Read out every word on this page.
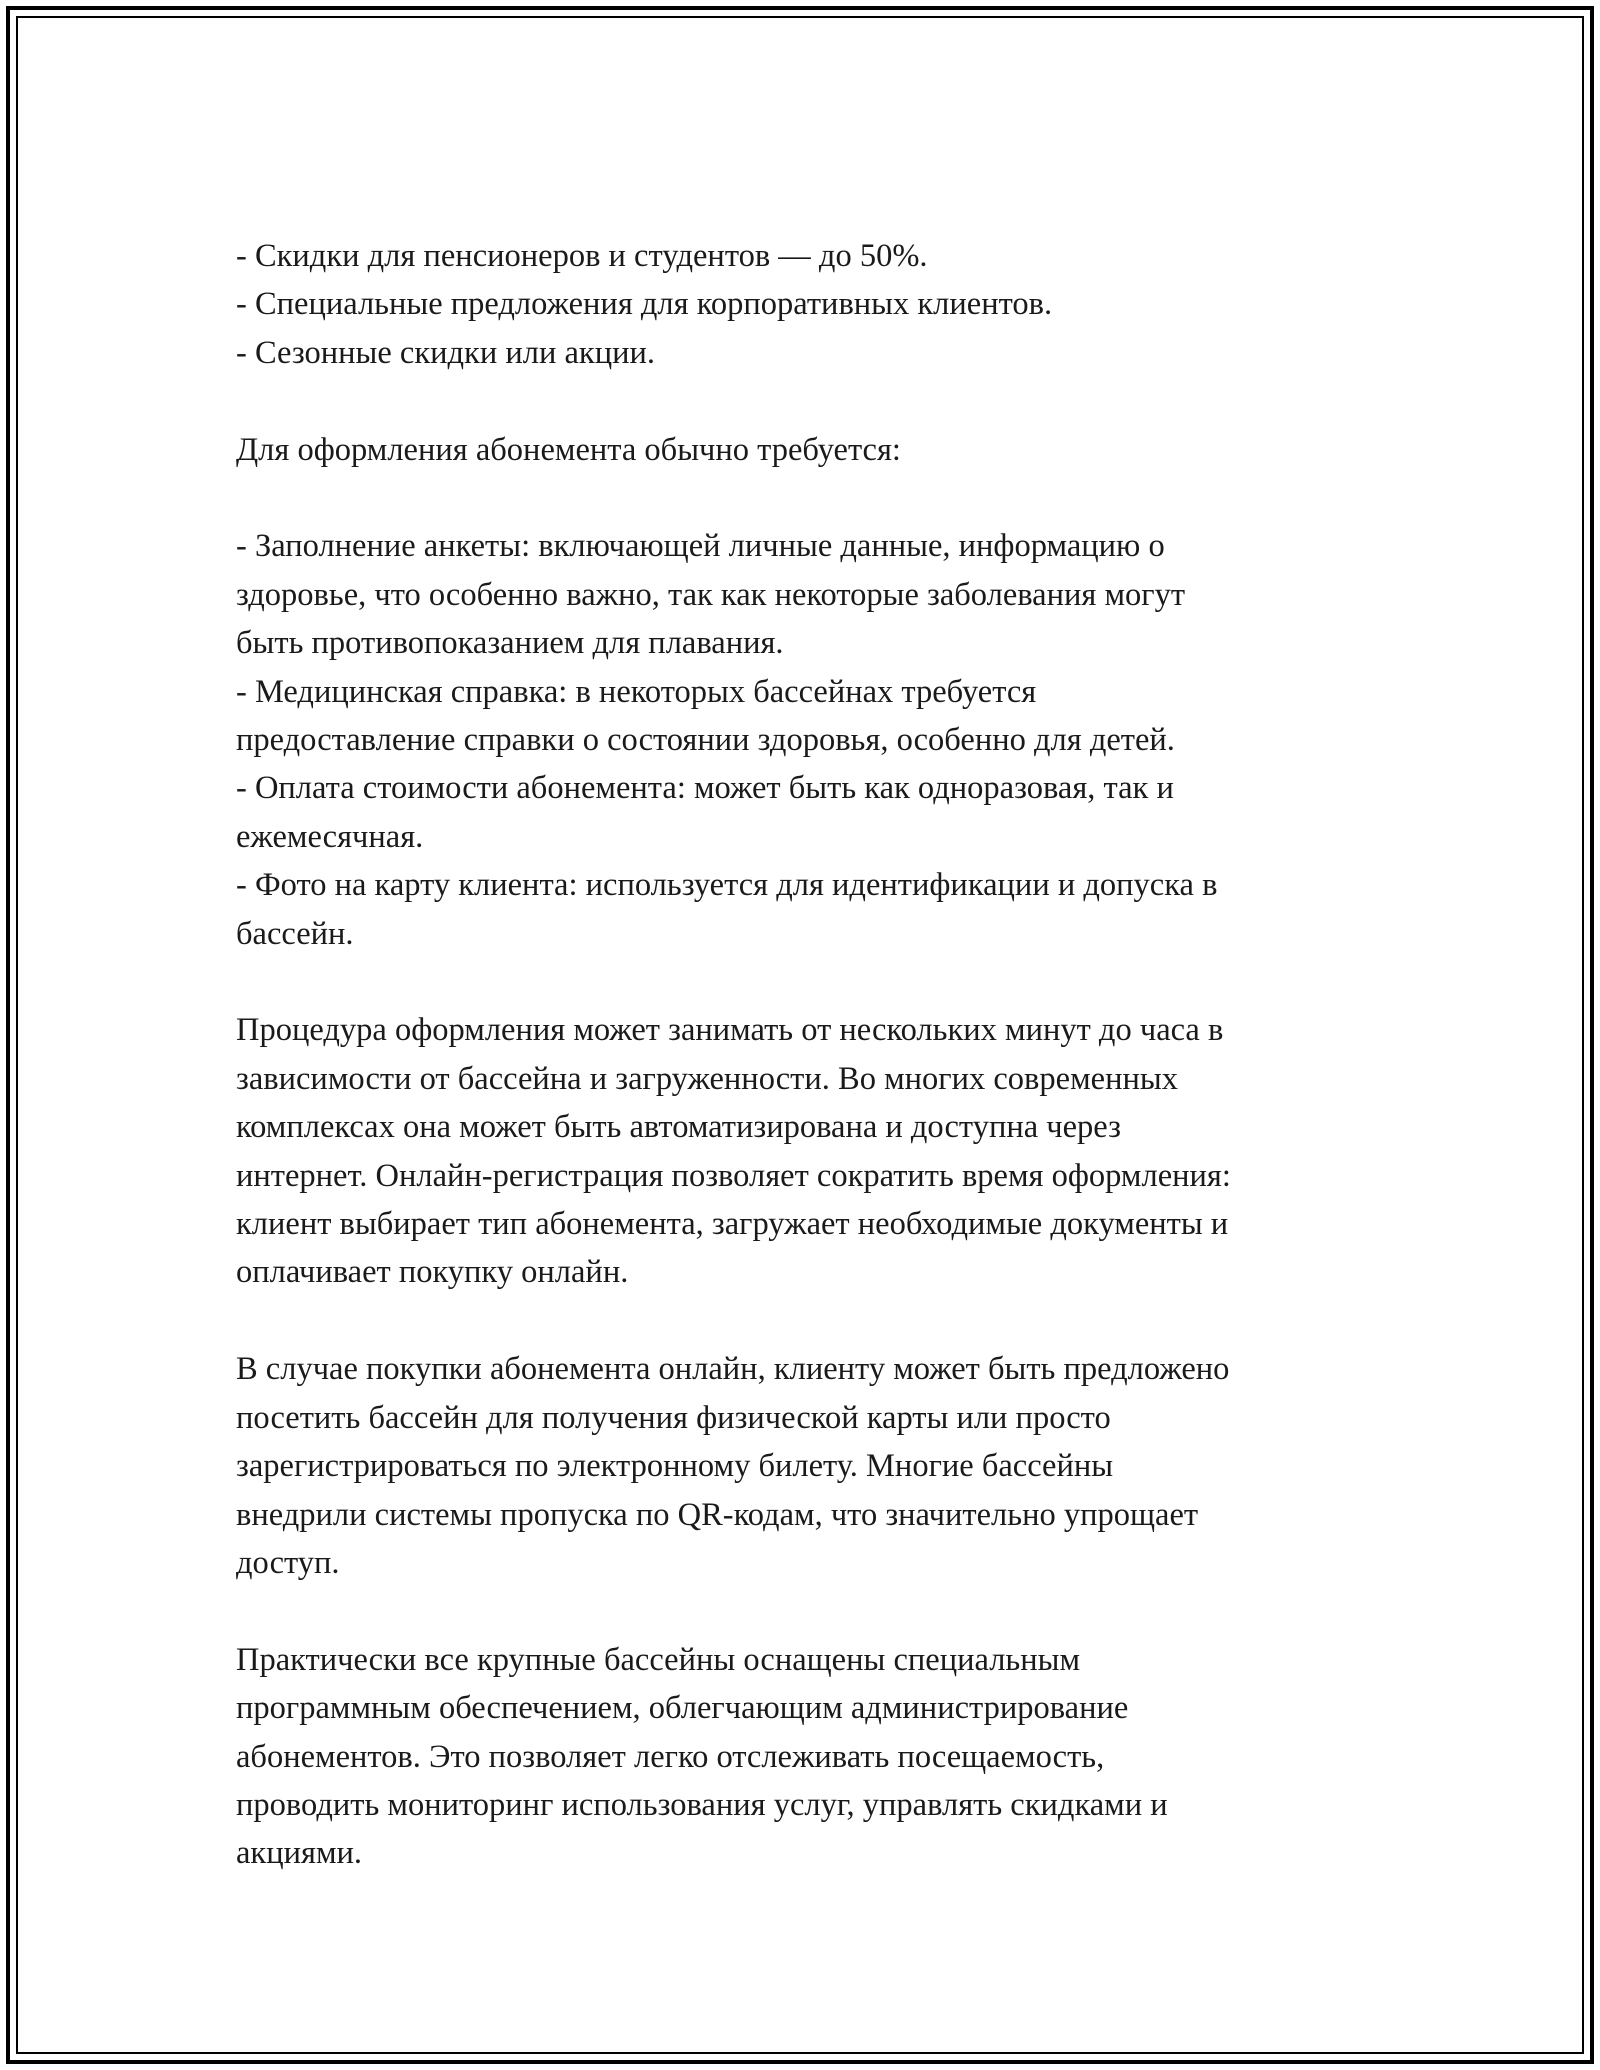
- Скидки для пенсионеров и студентов — до 50%.
- Специальные предложения для корпоративных клиентов.
- Сезонные скидки или акции.

Для оформления абонемента обычно требуется:

- Заполнение анкеты: включающей личные данные, информацию о
здоровье, что особенно важно, так как некоторые заболевания могут
быть противопоказанием для плавания.
- Медицинская справка: в некоторых бассейнах требуется
предоставление справки о состоянии здоровья, особенно для детей.
- Оплата стоимости абонемента: может быть как одноразовая, так и
ежемесячная.
- Фото на карту клиента: используется для идентификации и допуска в
бассейн.

Процедура оформления может занимать от нескольких минут до часа в
зависимости от бассейна и загруженности. Во многих современных
комплексах она может быть автоматизирована и доступна через
интернет. Онлайн-регистрация позволяет сократить время оформления:
клиент выбирает тип абонемента, загружает необходимые документы и
оплачивает покупку онлайн.

В случае покупки абонемента онлайн, клиенту может быть предложено
посетить бассейн для получения физической карты или просто
зарегистрироваться по электронному билету. Многие бассейны
внедрили системы пропуска по QR-кодам, что значительно упрощает
доступ.

Практически все крупные бассейны оснащены специальным
программным обеспечением, облегчающим администрирование
абонементов. Это позволяет легко отслеживать посещаемость,
проводить мониторинг использования услуг, управлять скидками и
акциями.
